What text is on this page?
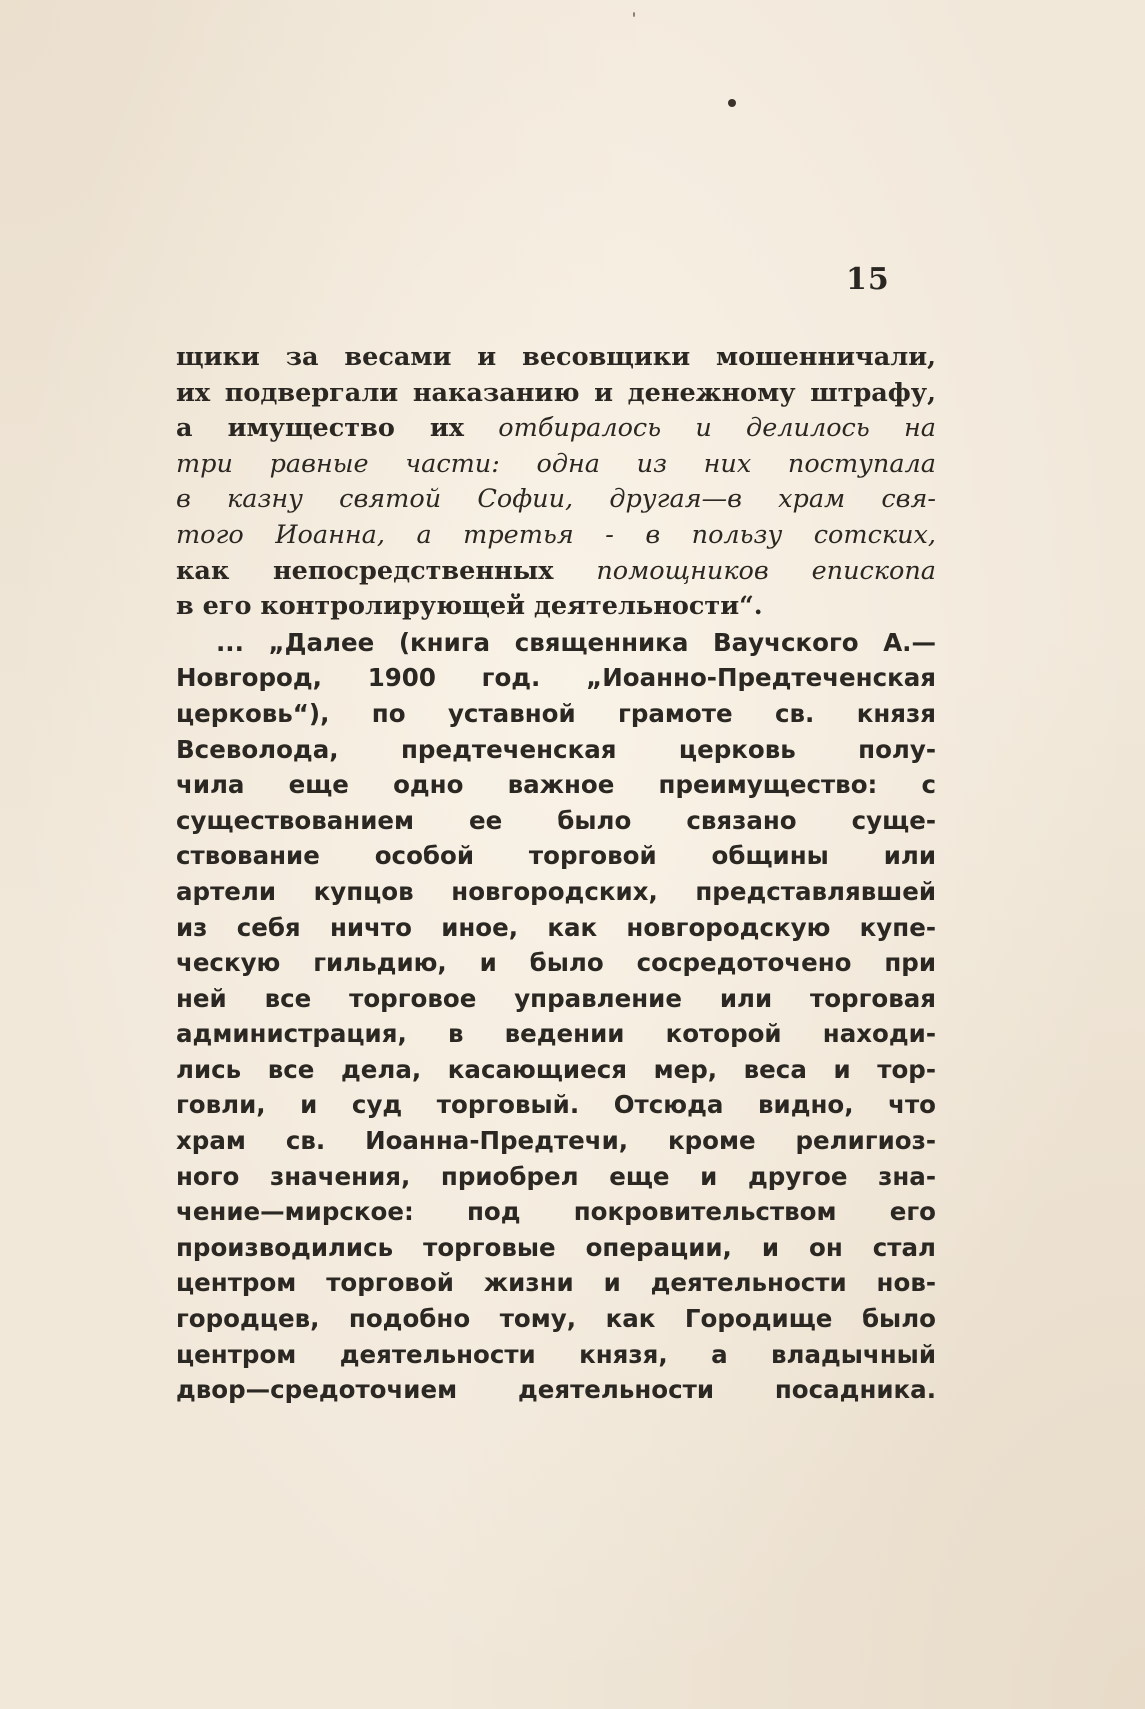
15
щики за весами и весовщики мошенничали,
их подвергали наказанию и денежному штрафу,
а имущество их отбиралось и делилось на
три равные части: одна из них поступала
в казну святой Софии, другая—в храм свя-
того Иоанна, а третья - в пользу сотских,
как непосредственных помощников епископа
в его контролирующей деятельности“.
... „Далее (книга священника Ваучского А.—
Новгород, 1900 год. „Иоанно-Предтеченская
церковь“), по уставной грамоте св. князя
Всеволода, предтеченская церковь полу-
чила еще одно важное преимущество: с
существованием ее было связано суще-
ствование особой торговой общины или
артели купцов новгородских, представлявшей
из себя ничто иное, как новгородскую купе-
ческую гильдию, и было сосредоточено при
ней все торговое управление или торговая
администрация, в ведении которой находи-
лись все дела, касающиеся мер, веса и тор-
говли, и суд торговый. Отсюда видно, что
храм св. Иоанна-Предтечи, кроме религиоз-
ного значения, приобрел еще и другое зна-
чение—мирское: под покровительством его
производились торговые операции, и он стал
центром торговой жизни и деятельности нов-
городцев, подобно тому, как Городище было
центром деятельности князя, а владычный
двор—средоточием деятельности посадника.
